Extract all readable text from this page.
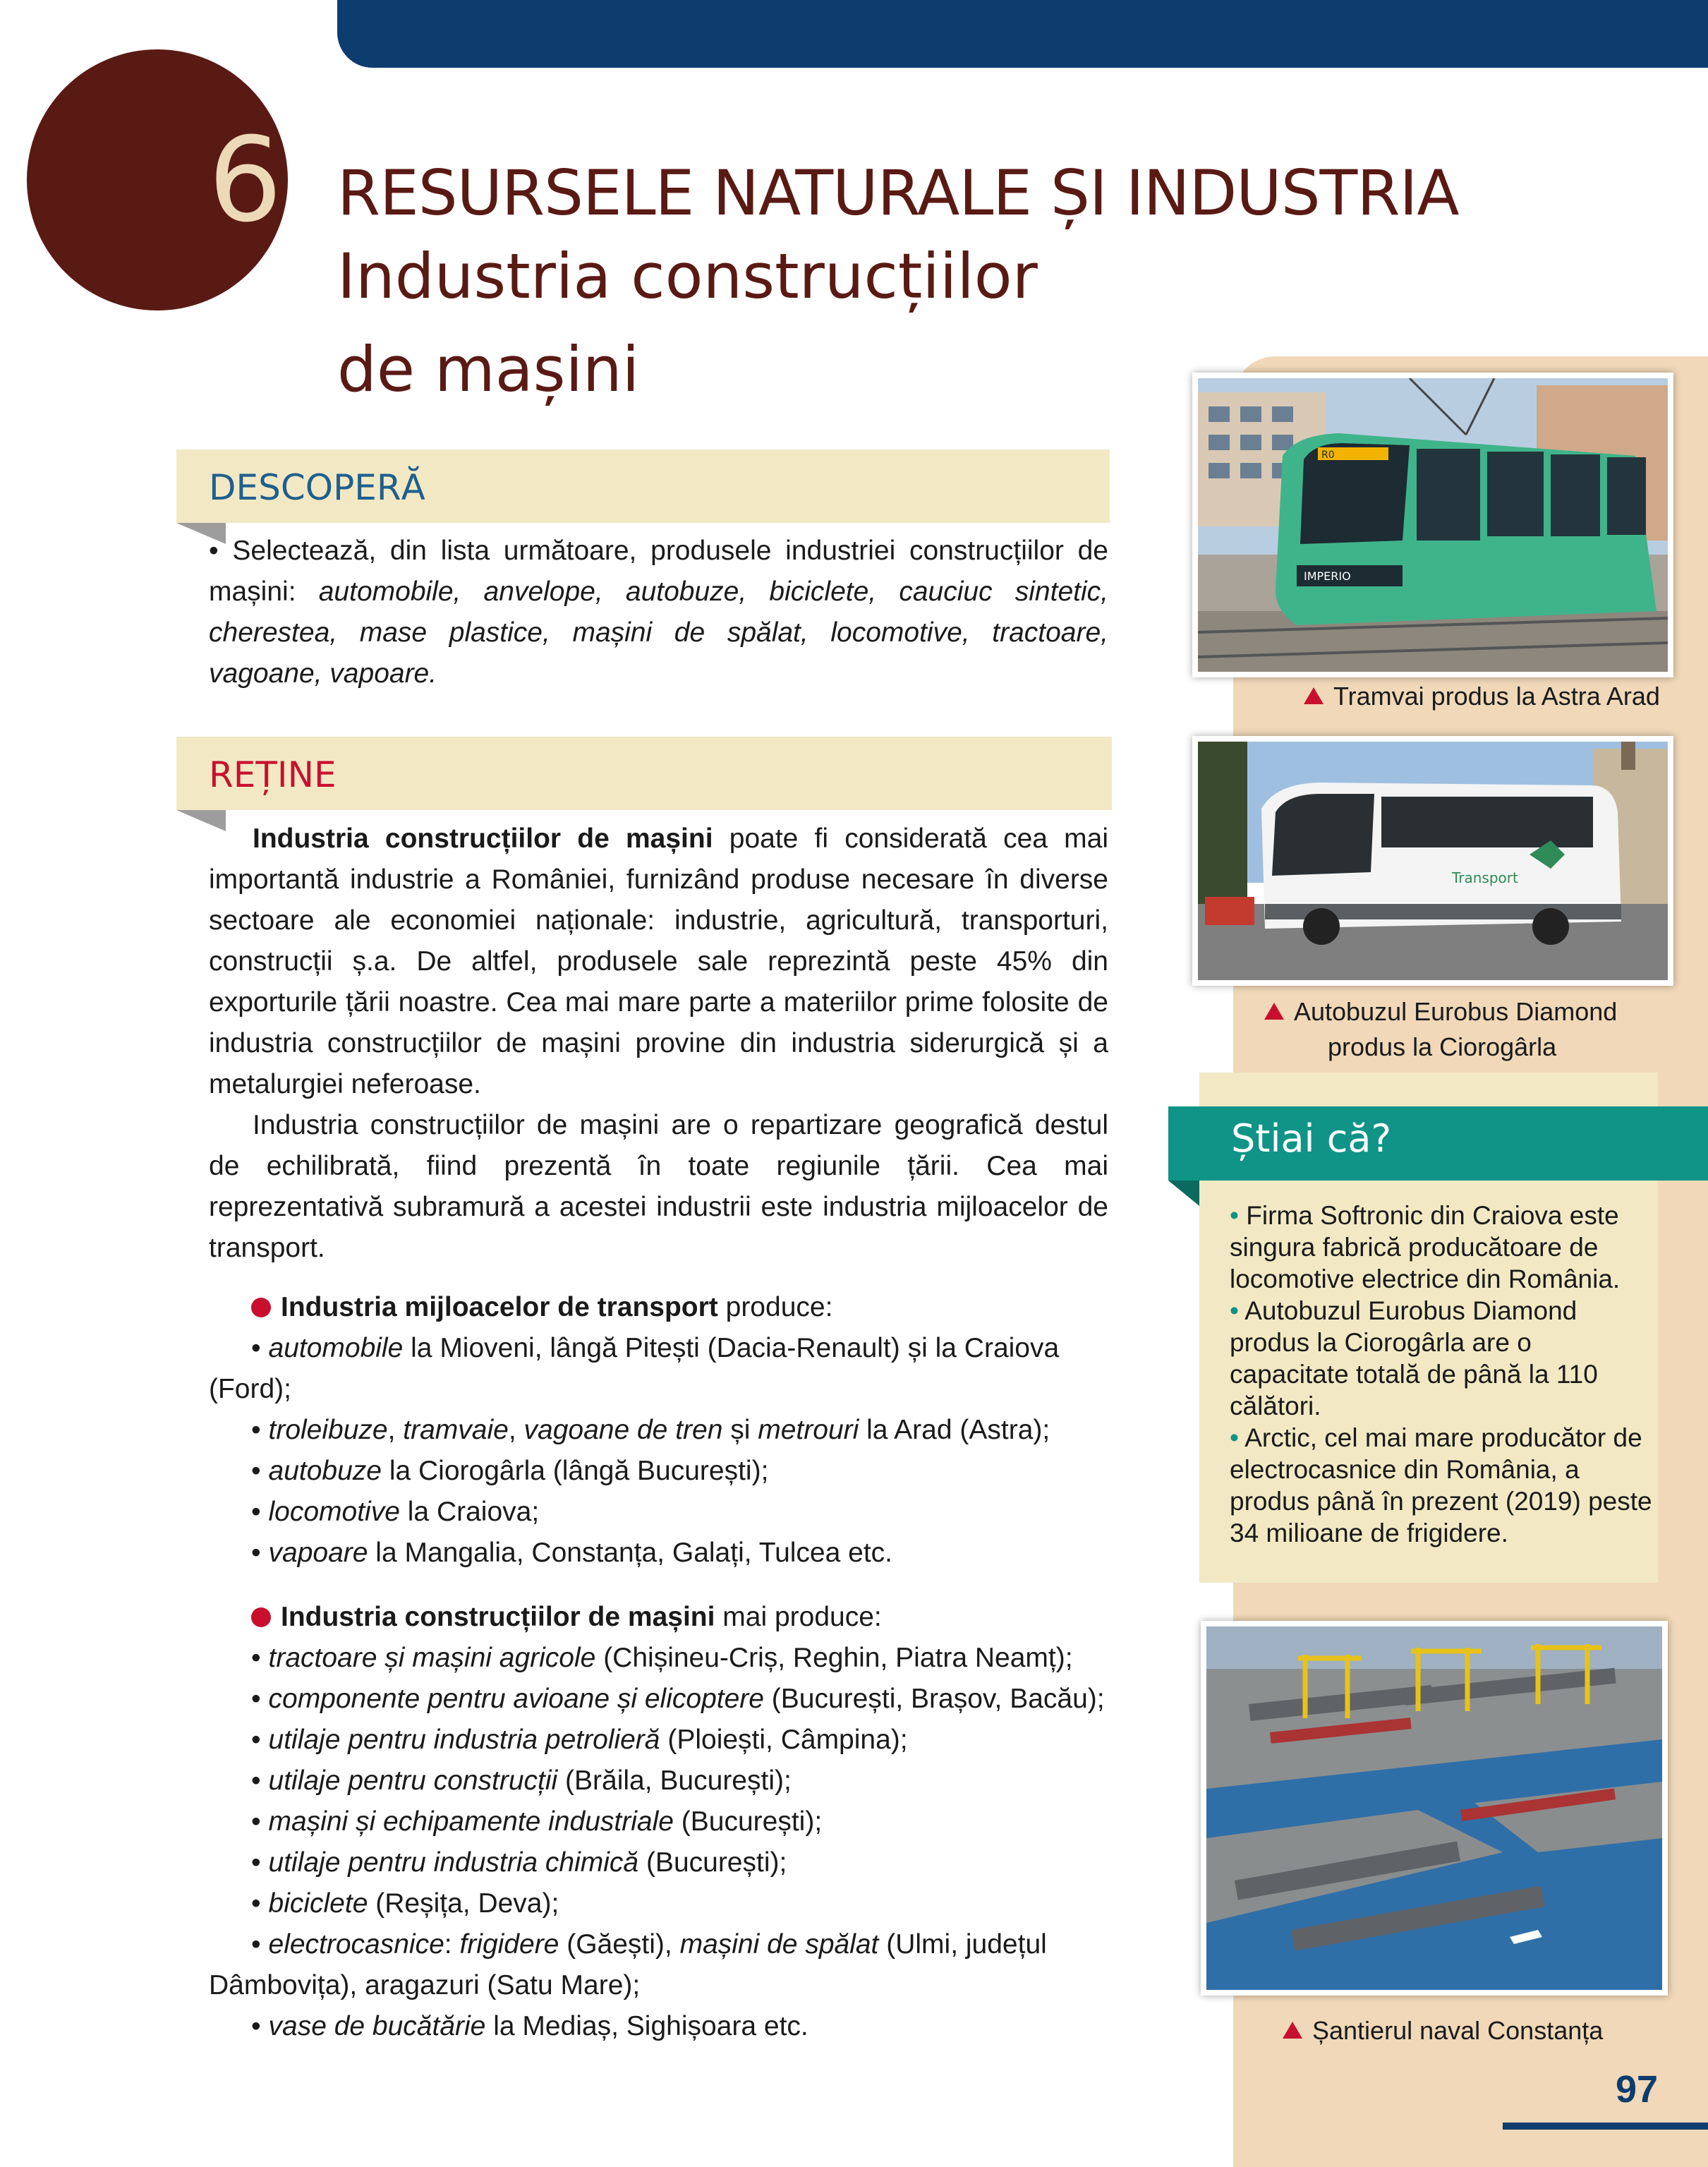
6 RESURSELE NATURALE ȘI INDUSTRIA
Industria construcțiilor
de mașini
DESCOPERĂ

• Selectează, din lista următoare, produsele industriei construcțiilor de mașini: automobile, anvelope, autobuze, biciclete, cauciuc sintetic, cherestea, mase plastice, mașini de spălat, locomotive, tractoare, vagoane, vapoare.

REȚINE

Industria construcțiilor de mașini poate fi considerată cea mai importantă industrie a României, furnizând produse necesare în diverse sectoare ale economiei naționale: industrie, agricultură, transporturi, construcții ș.a. De altfel, produsele sale reprezintă peste 45% din exporturile țării noastre. Cea mai mare parte a materiilor prime folosite de industria construcțiilor de mașini provine din industria siderurgică și a metalurgiei neferoase.

Industria construcțiilor de mașini are o repartizare geografică destul de echilibrată, fiind prezentă în toate regiunile țării. Cea mai reprezentativă subramură a acestei industrii este industria mijloacelor de transport.

Industria mijloacelor de transport produce:
• automobile la Mioveni, lângă Pitești (Dacia-Renault) și la Craiova
(Ford);
• troleibuze, tramvaie, vagoane de tren și metrouri la Arad (Astra);
• autobuze la Ciorogârla (lângă București);
• locomotive la Craiova;
• vapoare la Mangalia, Constanța, Galați, Tulcea etc.
Industria construcțiilor de mașini mai produce:
• tractoare și mașini agricole (Chișineu-Criș, Reghin, Piatra Neamț);
• componente pentru avioane și elicoptere (București, Brașov, Bacău);
• utilaje pentru industria petrolieră (Ploiești, Câmpina);
• utilaje pentru construcții (Brăila, București);
• mașini și echipamente industriale (București);
• utilaje pentru industria chimică (București);
• biciclete (Reșița, Deva);
• electrocasnice: frigidere (Găești), mașini de spălat (Ulmi, județul
Dâmbovița), aragazuri (Satu Mare);
• vase de bucătărie la Mediaș, Sighișoara etc.
R0
IMPERIO
Tramvai produs la Astra Arad
Transport
Autobuzul Eurobus Diamond
produs la Ciorogârla
Știai că?
• Firma Softronic din Craiova este singura fabrică producătoare de locomotive electrice din România.
• Autobuzul Eurobus Diamond produs la Ciorogârla are o capacitate totală de până la 110 călători.
• Arctic, cel mai mare producător de electrocasnice din România, a produs până în prezent (2019) peste 34 milioane de frigidere.
Șantierul naval Constanța
97
